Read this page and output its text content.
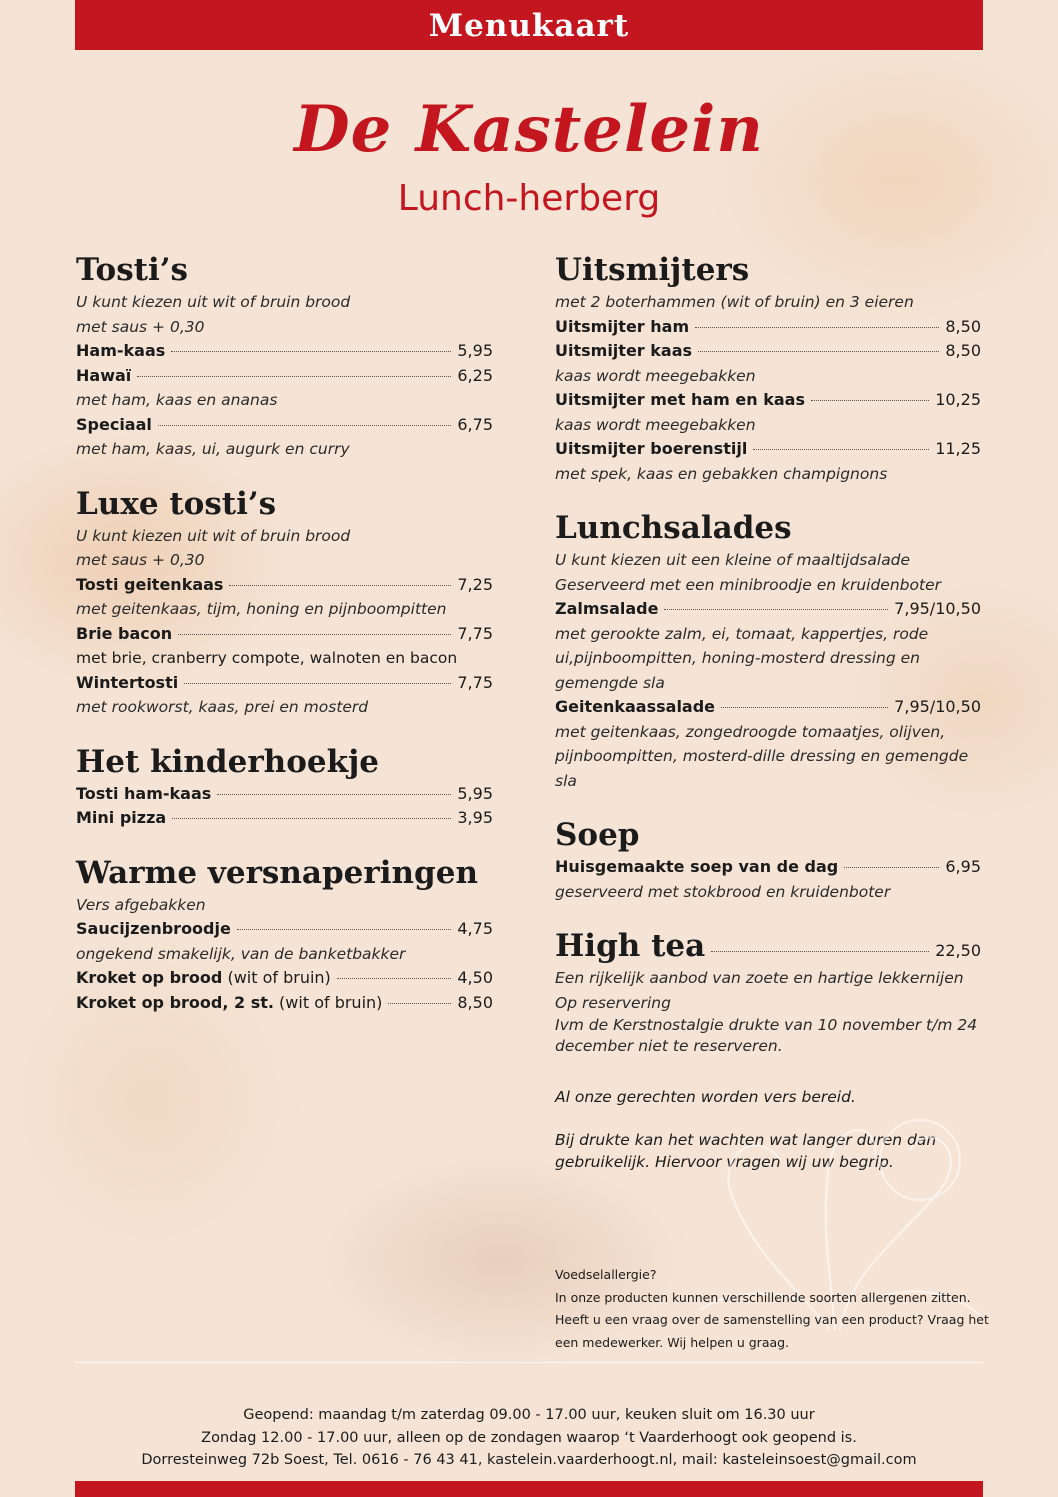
Menukaart
De Kastelein
Lunch-herberg
Tosti’s
U kunt kiezen uit wit of bruin brood
met saus + 0,30
Ham-kaas	5,95
Hawaï	6,25
met ham, kaas en ananas
Speciaal	6,75
met ham, kaas, ui, augurk en curry
Luxe tosti’s
U kunt kiezen uit wit of bruin brood
met saus + 0,30
Tosti geitenkaas	7,25
met geitenkaas, tijm, honing en pijnboompitten
Brie bacon	7,75
met brie, cranberry compote, walnoten en bacon
Wintertosti	7,75
met rookworst, kaas, prei en mosterd
Het kinderhoekje
Tosti ham-kaas	5,95
Mini pizza	3,95
Warme versnaperingen
Vers afgebakken
Saucijzenbroodje	4,75
ongekend smakelijk, van de banketbakker
Kroket op brood (wit of bruin)	4,50
Kroket op brood, 2 st. (wit of bruin)	8,50
Uitsmijters
met 2 boterhammen (wit of bruin) en 3 eieren
Uitsmijter ham	8,50
Uitsmijter kaas	8,50
kaas wordt meegebakken
Uitsmijter met ham en kaas	10,25
kaas wordt meegebakken
Uitsmijter boerenstijl	11,25
met spek, kaas en gebakken champignons
Lunchsalades
U kunt kiezen uit een kleine of maaltijdsalade
Geserveerd met een minibroodje en kruidenboter
Zalmsalade	7,95/10,50
met gerookte zalm, ei, tomaat, kappertjes, rode ui,pijnboompitten, honing-mosterd dressing en gemengde sla
Geitenkaassalade	7,95/10,50
met geitenkaas, zongedroogde tomaatjes, olijven, pijnboompitten, mosterd-dille dressing en gemengde sla
Soep
Huisgemaakte soep van de dag	6,95
geserveerd met stokbrood en kruidenboter
High tea	22,50
Een rijkelijk aanbod van zoete en hartige lekkernijen
Op reservering
Ivm de Kerstnostalgie drukte van 10 november t/m 24 december niet te reserveren.
Al onze gerechten worden vers bereid.
Bij drukte kan het wachten wat langer duren dan gebruikelijk. Hiervoor vragen wij uw begrip.
Voedselallergie?
In onze producten kunnen verschillende soorten allergenen zitten. Heeft u een vraag over de samenstelling van een product? Vraag het een medewerker. Wij helpen u graag.
Geopend: maandag t/m zaterdag 09.00 - 17.00 uur, keuken sluit om 16.30 uur
Zondag 12.00 - 17.00 uur, alleen op de zondagen waarop ‘t Vaarderhoogt ook geopend is.
Dorresteinweg 72b Soest, Tel. 0616 - 76 43 41, kastelein.vaarderhoogt.nl, mail: kasteleinsoest@gmail.com
